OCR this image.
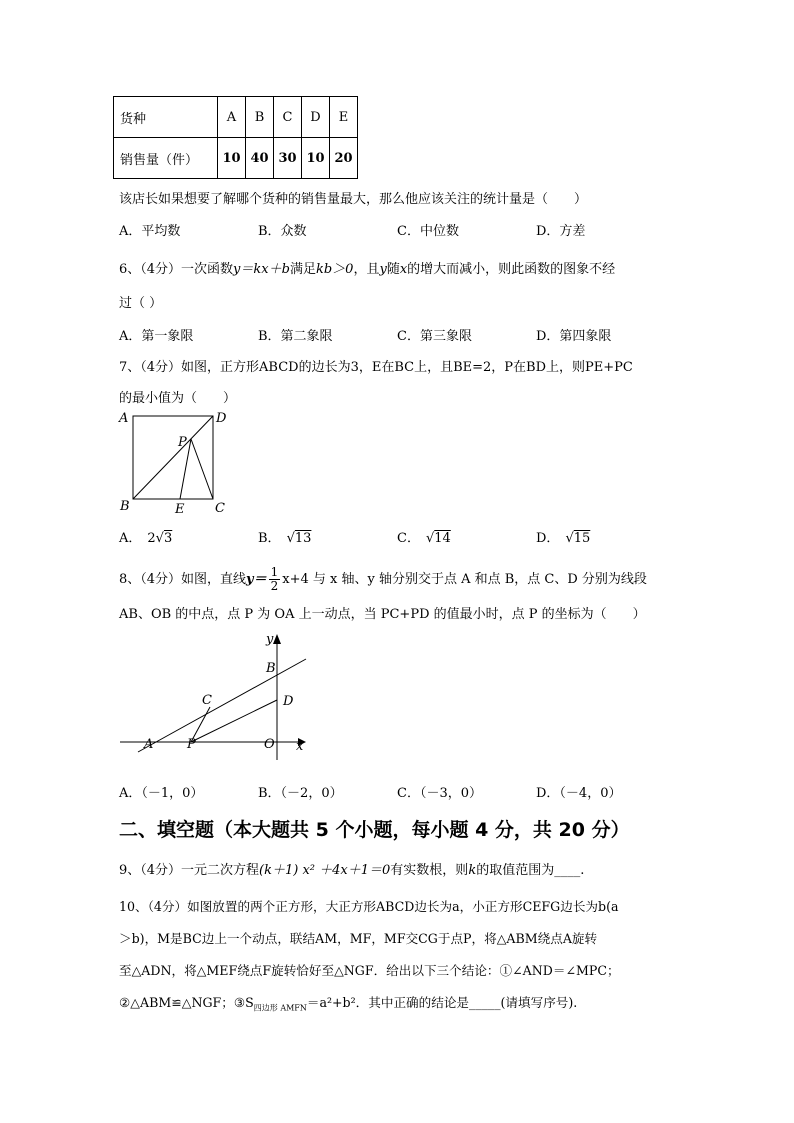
货种	A	B	C	D	E
销售量（件）	10	40	30	10	20
该店长如果想要了解哪个货种的销售量最大，那么他应该关注的统计量是（　　）
A．平均数	B．众数	C．中位数	D．方差
6、（4分）一次函数y＝kx＋b满足kb＞0，且y随x的增大而减小，则此函数的图象不经
过（ ）
A．第一象限	B．第二象限	C．第三象限	D．第四象限
7、（4分）如图，正方形ABCD的边长为3，E在BC上，且BE=2，P在BD上，则PE+PC
的最小值为（　　）
A	D
P
B	E C
A． 2√3	B． √13	C． √14	D． √15
8、（4分）如图，直线$y= \frac{1}{2} x+4$ 与 x 轴、y 轴分别交于点 A 和点 B，点 C、D 分别为线段
AB、OB 的中点，点 P 为 OA 上一动点，当 PC+PD 的值最小时，点 P 的坐标为（　　）
y
B
C	D
A	P	O x
A．（－1，0）	B．（－2，0）	C．（－3，0）	D．（－4，0）
二、填空题（本大题共 5 个小题，每小题 4 分，共 20 分）
9、（4分）一元二次方程(k＋1) x² ＋4x＋1＝0有实数根，则k的取值范围为____.
10、（4分）如图放置的两个正方形，大正方形ABCD边长为a，小正方形CEFG边长为b(a
＞b)，M是BC边上一个动点，联结AM，MF，MF交CG于点P，将△ABM绕点A旋转
至△ADN，将△MEF绕点F旋转恰好至△NGF．给出以下三个结论：①∠AND＝∠MPC；
②△ABM≌△NGF；$③S_{四边形 AMFN}=a^2+b^2$．其中正确的结论是_____(请填写序号).
